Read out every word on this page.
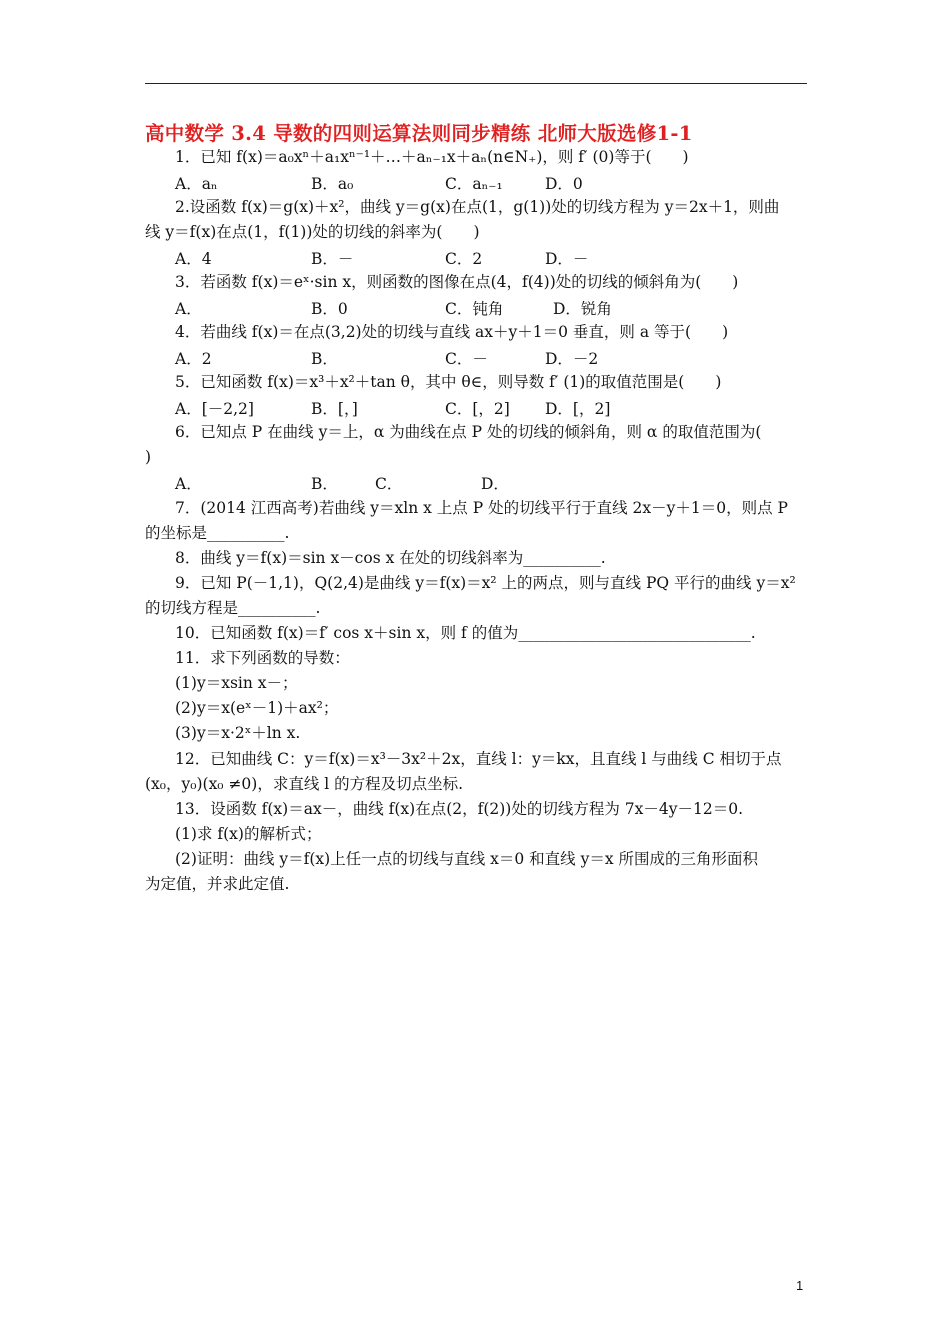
高中数学 3.4 导数的四则运算法则同步精练 北师大版选修1-1
1．已知 f(x)＝a₀xⁿ＋a₁xⁿ⁻¹＋…＋aₙ₋₁x＋aₙ(n∈N₊)，则 f′ (0)等于(　　)
A．aₙ	B．a₀	C．aₙ₋₁	D．0
2.设函数 f(x)＝g(x)＋x²，曲线 y＝g(x)在点(1，g(1))处的切线方程为 y＝2x＋1，则曲
线 y＝f(x)在点(1，f(1))处的切线的斜率为(　　)
A．4	B．－	C．2	D．－
3．若函数 f(x)＝eˣ·sin x，则函数的图像在点(4，f(4))处的切线的倾斜角为(　　)
A．	B．0	C．钝角	D．锐角
4．若曲线 f(x)＝在点(3,2)处的切线与直线 ax＋y＋1＝0 垂直，则 a 等于(　　)
A．2	B．	C．－	D．－2
5．已知函数 f(x)＝x³＋x²＋tan θ，其中 θ∈，则导数 f′ (1)的取值范围是(　　)
A．[－2,2]	B．[，]	C．[，2] D．[，2]
6．已知点 P 在曲线 y＝上，α 为曲线在点 P 处的切线的倾斜角，则 α 的取值范围为(
)
A．	B． C．	D．
7．(2014 江西高考)若曲线 y＝xln x 上点 P 处的切线平行于直线 2x－y＋1＝0，则点 P
的坐标是__________.
8．曲线 y＝f(x)＝sin x－cos x 在处的切线斜率为__________.
9．已知 P(－1,1)，Q(2,4)是曲线 y＝f(x)＝x² 上的两点，则与直线 PQ 平行的曲线 y＝x²
的切线方程是__________.
10．已知函数 f(x)＝f′ cos x＋sin x，则 f 的值为______________________________.
11．求下列函数的导数：
(1)y＝xsin x－；
(2)y＝x(eˣ－1)＋ax²；
(3)y＝x·2ˣ＋ln x.
12．已知曲线 C：y＝f(x)＝x³－3x²＋2x，直线 l：y＝kx，且直线 l 与曲线 C 相切于点
(x₀，y₀)(x₀ ≠0)，求直线 l 的方程及切点坐标.
13．设函数 f(x)＝ax－，曲线 f(x)在点(2，f(2))处的切线方程为 7x－4y－12＝0.
(1)求 f(x)的解析式；
(2)证明：曲线 y＝f(x)上任一点的切线与直线 x＝0 和直线 y＝x 所围成的三角形面积
为定值，并求此定值.
1
